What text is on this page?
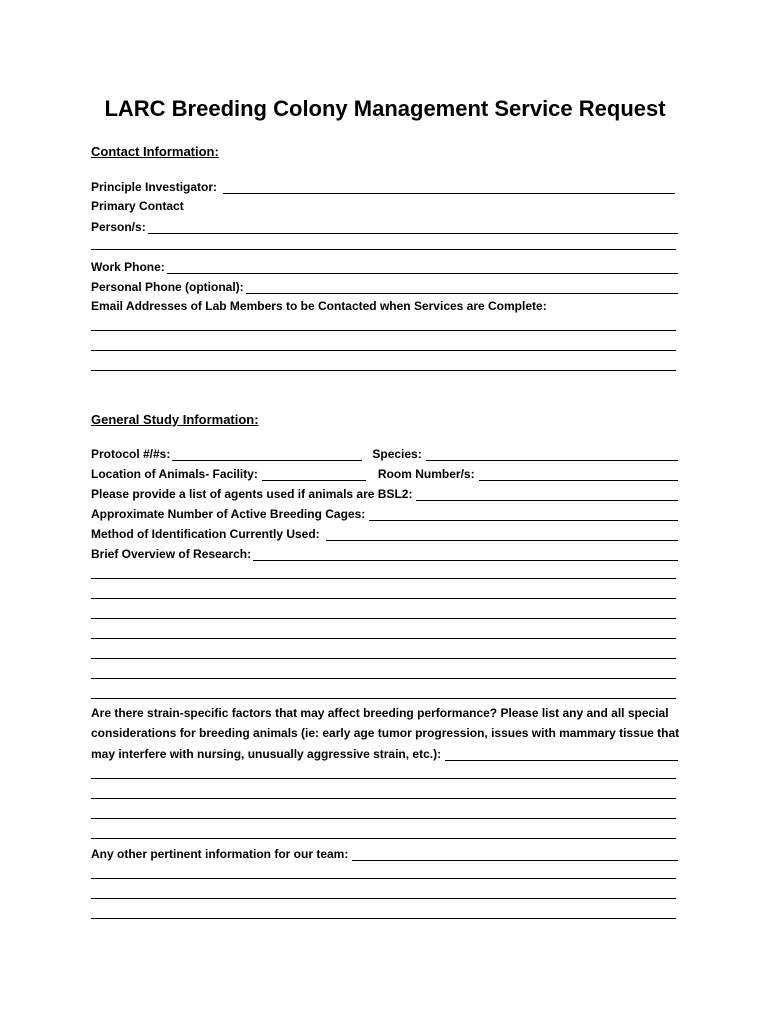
LARC Breeding Colony Management Service Request
Contact Information:
Principle Investigator:
Primary Contact
Person/s:
Work Phone:
Personal Phone (optional):
Email Addresses of Lab Members to be Contacted when Services are Complete:
General Study Information:
Protocol #/#s:	Species:
Location of Animals- Facility:	Room Number/s:
Please provide a list of agents used if animals are BSL2:
Approximate Number of Active Breeding Cages:
Method of Identification Currently Used:
Brief Overview of Research:
Are there strain-specific factors that may affect breeding performance? Please list any and all special
considerations for breeding animals (ie: early age tumor progression, issues with mammary tissue that
may interfere with nursing, unusually aggressive strain, etc.):
Any other pertinent information for our team:
